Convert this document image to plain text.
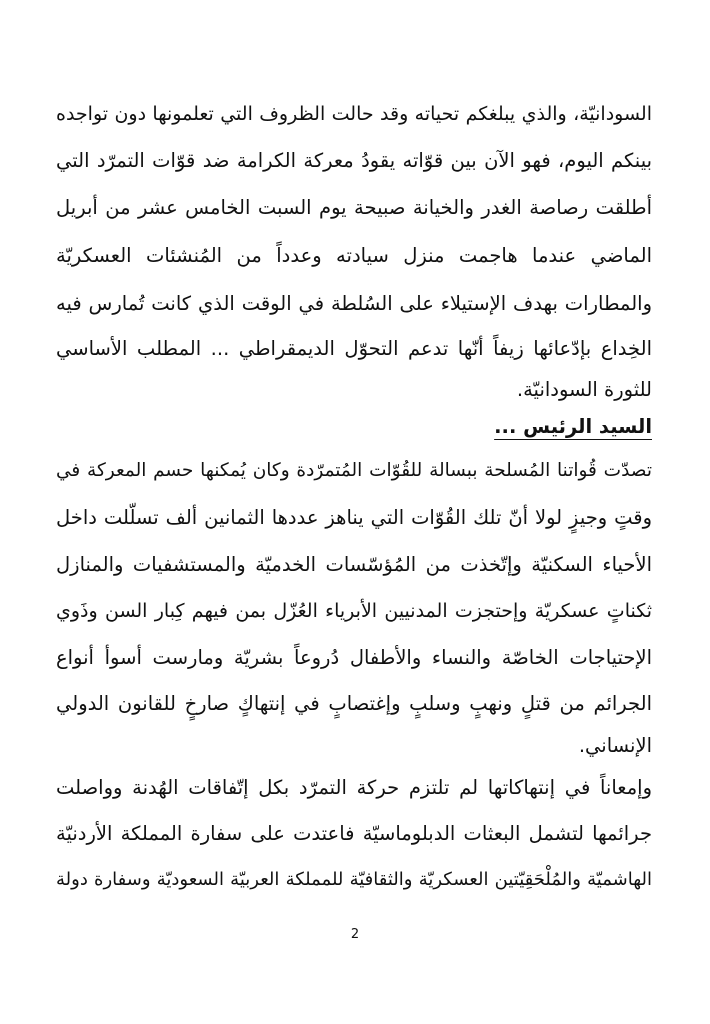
السودانيّة، والذي يبلغكم تحياته وقد حالت الظروف التي تعلمونها دون تواجده
بينكم اليوم، فهو الآن بين قوّاته يقودُ معركة الكرامة ضد قوّات التمرّد التي
أطلقت رصاصة الغدر والخيانة صبيحة يوم السبت الخامس عشر من أبريل
الماضي عندما هاجمت منزل سيادته وعدداً من المُنشئات العسكريّة
والمطارات بهدف الإستيلاء على السُلطة في الوقت الذي كانت تُمارس فيه
الخِداع بإدّعائها زيفاً أنّها تدعم التحوّل الديمقراطي ... المطلب الأساسي
للثورة السودانيّة.
السيد الرئيس ...
تصدّت قُواتنا المُسلحة ببسالة للقُوّات المُتمرّدة وكان يُمكنها حسم المعركة في
وقتٍ وجيزٍ لولا أنّ تلك القُوّات التي يناهز عددها الثمانين ألف تسلّلت داخل
الأحياء السكنيّة وإتّخذت من المُؤسّسات الخدميّة والمستشفيات والمنازل
ثكناتٍ عسكريّة وإحتجزت المدنيين الأبرياء العُزّل بمن فيهم كِبار السن وذَوي
الإحتياجات الخاصّة والنساء والأطفال دُروعاً بشريّة ومارست أسوأ أنواع
الجرائم من قتلٍ ونهبٍ وسلبٍ وإغتصابٍ في إنتهاكٍ صارخٍ للقانون الدولي
الإنساني.
وإمعاناً في إنتهاكاتها لم تلتزم حركة التمرّد بكل إتّفاقات الهُدنة وواصلت
جرائمها لتشمل البعثات الدبلوماسيّة فاعتدت على سفارة المملكة الأردنيّة
الهاشميّة والمُلْحَقِيّتين العسكريّة والثقافيّة للمملكة العربيّة السعوديّة وسفارة دولة
2
